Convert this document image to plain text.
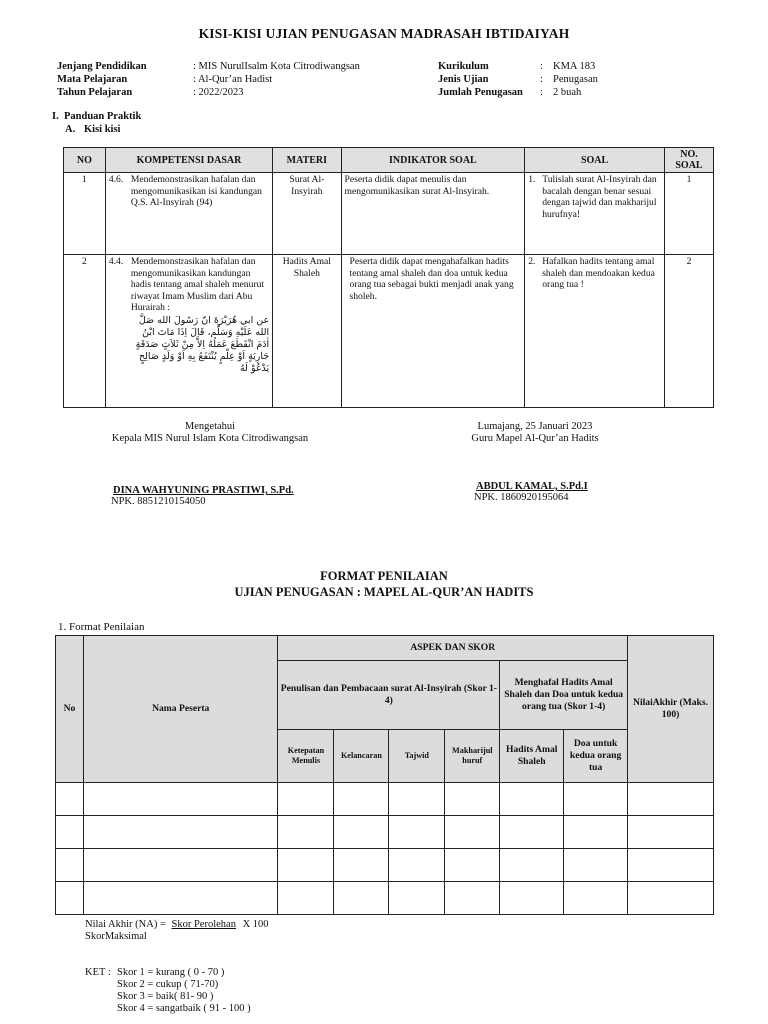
KISI-KISI UJIAN PENUGASAN MADRASAH IBTIDAIYAH
Jenjang Pendidikan	: MIS NurulIsalm Kota Citrodiwangsan
Mata Pelajaran	: Al-Qur’an Hadist
Tahun Pelajaran	: 2022/2023
Kurikulum	: KMA 183
Jenis Ujian	: Penugasan
Jumlah Penugasan : 2 buah
I. Panduan Praktik
A. Kisi kisi
NO	KOMPETENSI DASAR	MATERI	INDIKATOR SOAL	SOAL	NO. SOAL
1	4.6. Mendemonstrasikan hafalan dan mengomunikasikan isi kandungan Q.S. Al-Insyirah (94)	Surat Al-Insyirah	Peserta didik dapat menulis dan mengomunikasikan surat Al-Insyirah.	1. Tulislah surat Al-Insyirah dan bacalah dengan benar sesuai dengan tajwid dan makharijul hurufnya!	1
2	4.4. Mendemonstrasikan hafalan dan mengomunikasikan kandungan hadis tentang amal shaleh menurut riwayat Imam Muslim dari Abu Hurairah :
عن ابي هُرَيْرَةَ انّ رَسُولَ الله صَلَّ الله عَلَيْهِ وَسَلَّم، قَالَ اِذَا مَاتَ ابْنُ اٰدَمَ انْقَطَعَ عَمَلُهُ اِلاَّ مِنْ ثَلاَثٍ صَدَقَةٍ جَارِيَةٍ اَوْ عِلْمٍ يُنْتَفَعُ بِهِ اَوْ وَلَدٍ صَالِحٍ يَدْعُوْ لَهُ	Hadits Amal Shaleh	Peserta didik dapat mengahafalkan hadits tentang amal shaleh dan doa untuk kedua orang tua sebagai bukti menjadi anak yang sholeh.	2. Hafalkan hadits tentang amal shaleh dan mendoakan kedua orang tua !	2
Mengetahui
Kepala MIS Nurul Islam Kota Citrodiwangsan
Lumajang, 25 Januari 2023
Guru Mapel Al-Qur’an Hadits
DINA WAHYUNING PRASTIWI, S.Pd.
NPK. 8851210154050
ABDUL KAMAL, S.Pd.I
NPK. 1860920195064
FORMAT PENILAIAN
UJIAN PENUGASAN : MAPEL AL-QUR’AN HADITS
1. Format Penilaian
No	Nama Peserta	ASPEK DAN SKOR						NilaiAkhir (Maks. 100)
		Penulisan dan Pembacaan surat Al-Insyirah (Skor 1-4)				Menghafal Hadits Amal Shaleh dan Doa untuk kedua orang tua (Skor 1-4)		
		Ketepatan Menulis	Kelancaran	Tajwid	Makharijul huruf	Hadits Amal Shaleh	Doa untuk kedua orang tua	

Nilai Akhir (NA) = Skor Perolehan X 100
SkorMaksimal
KET : Skor 1 = kurang ( 0 - 70 )
Skor 2 = cukup ( 71-70)
Skor 3 = baik( 81- 90 )
Skor 4 = sangatbaik ( 91 - 100 )
